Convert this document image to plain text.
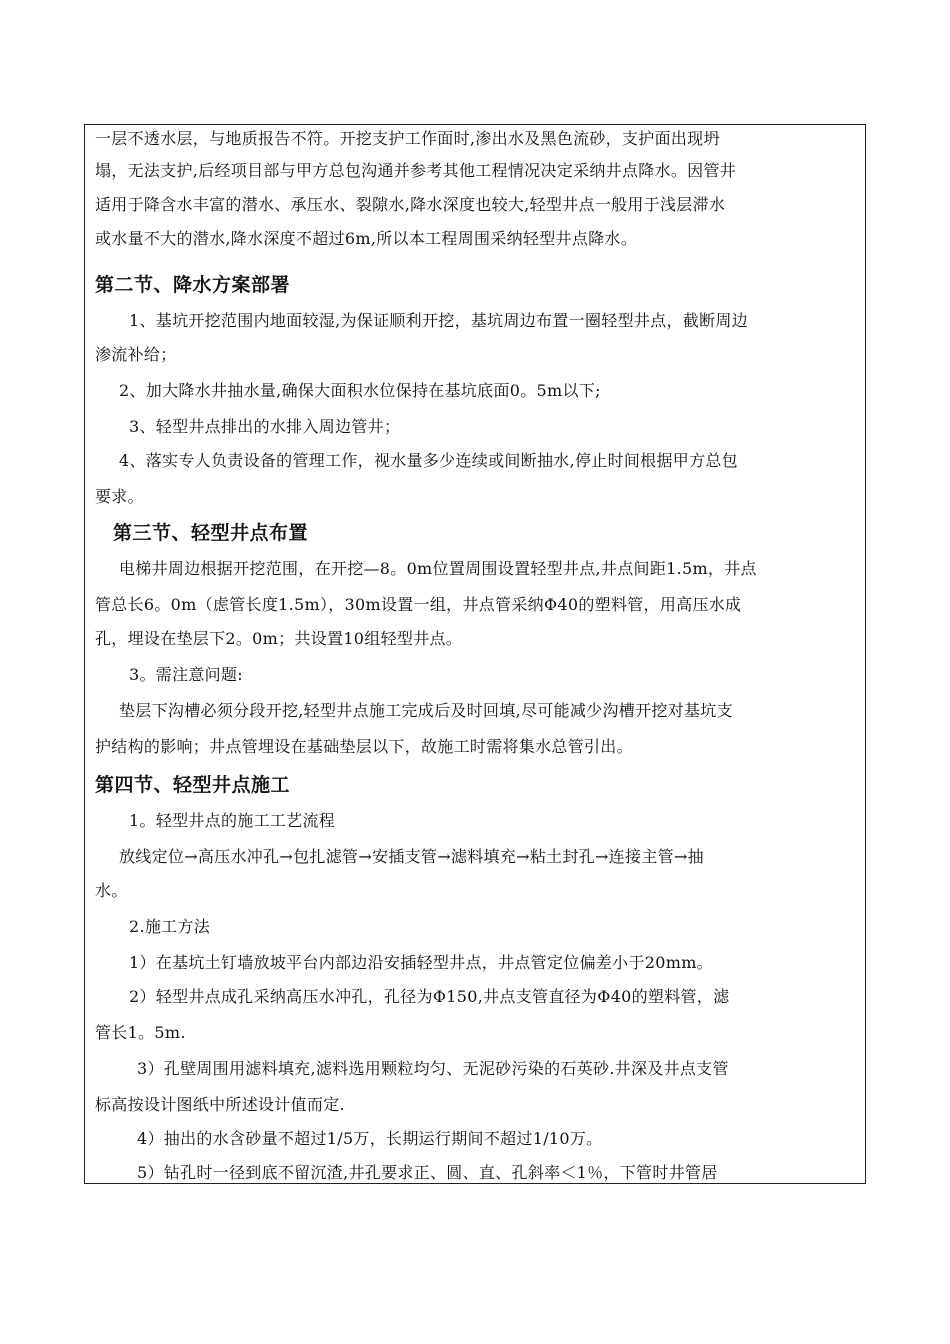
一层不透水层，与地质报告不符。开挖支护工作面时,渗出水及黑色流砂，支护面出现坍
塌，无法支护,后经项目部与甲方总包沟通并参考其他工程情况决定采纳井点降水。因管井
适用于降含水丰富的潜水、承压水、裂隙水,降水深度也较大,轻型井点一般用于浅层滞水
或水量不大的潜水,降水深度不超过6m,所以本工程周围采纳轻型井点降水。
第二节、降水方案部署
1、基坑开挖范围内地面较湿,为保证顺利开挖，基坑周边布置一圈轻型井点，截断周边
渗流补给；
2、加大降水井抽水量,确保大面积水位保持在基坑底面0。5m以下;
3、轻型井点排出的水排入周边管井；
4、落实专人负责设备的管理工作，视水量多少连续或间断抽水,停止时间根据甲方总包
要求。
第三节、轻型井点布置
电梯井周边根据开挖范围，在开挖—8。0m位置周围设置轻型井点,井点间距1.5m，井点
管总长6。0m（虑管长度1.5m），30m设置一组，井点管采纳Φ40的塑料管，用高压水成
孔，埋设在垫层下2。0m；共设置10组轻型井点。
3。需注意问题:
垫层下沟槽必须分段开挖,轻型井点施工完成后及时回填,尽可能减少沟槽开挖对基坑支
护结构的影响；井点管埋设在基础垫层以下，故施工时需将集水总管引出。
第四节、轻型井点施工
1。轻型井点的施工工艺流程
放线定位→高压水冲孔→包扎滤管→安插支管→滤料填充→粘土封孔→连接主管→抽
水。
2.施工方法
1）在基坑土钉墙放坡平台内部边沿安插轻型井点，井点管定位偏差小于20mm。
2）轻型井点成孔采纳高压水冲孔，孔径为Φ150,井点支管直径为Φ40的塑料管，滤
管长1。5m.
3）孔壁周围用滤料填充,滤料选用颗粒均匀、无泥砂污染的石英砂.井深及井点支管
标高按设计图纸中所述设计值而定.
4）抽出的水含砂量不超过1/5万，长期运行期间不超过1/10万。
5）钻孔时一径到底不留沉渣,井孔要求正、圆、直、孔斜率＜1％，下管时井管居
